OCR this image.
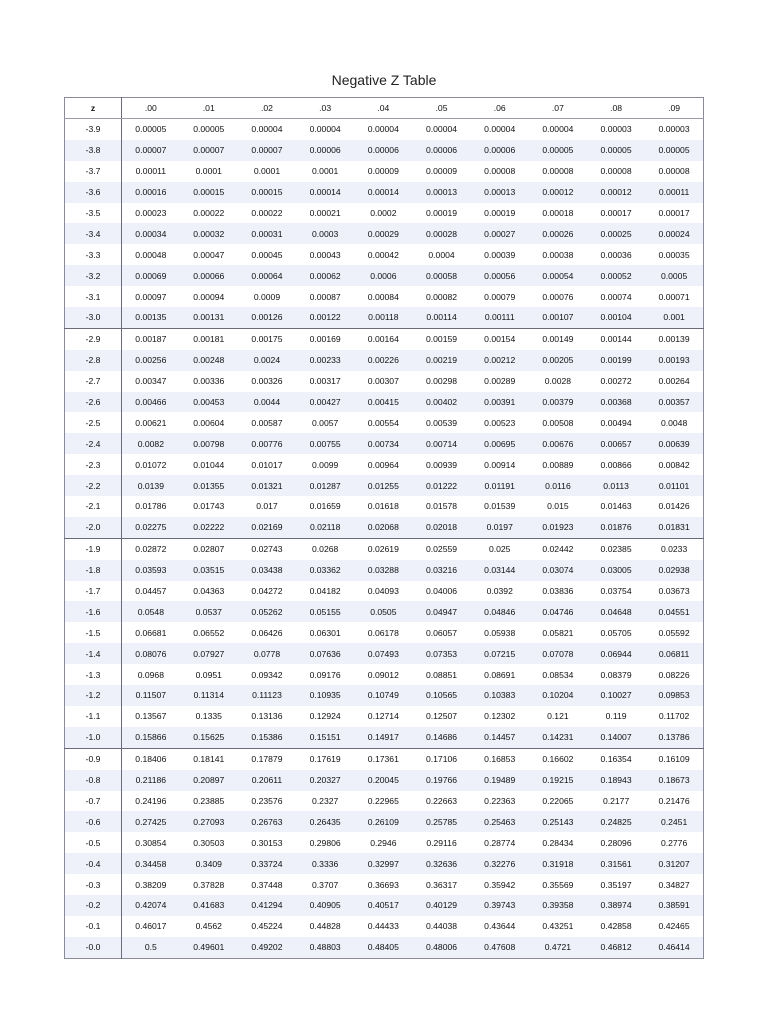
Negative Z Table
z	.00	.01	.02	.03	.04	.05	.06	.07	.08	.09
-3.9	0.00005	0.00005	0.00004	0.00004	0.00004	0.00004	0.00004	0.00004	0.00003	0.00003
-3.8	0.00007	0.00007	0.00007	0.00006	0.00006	0.00006	0.00006	0.00005	0.00005	0.00005
-3.7	0.00011	0.0001	0.0001	0.0001	0.00009	0.00009	0.00008	0.00008	0.00008	0.00008
-3.6	0.00016	0.00015	0.00015	0.00014	0.00014	0.00013	0.00013	0.00012	0.00012	0.00011
-3.5	0.00023	0.00022	0.00022	0.00021	0.0002	0.00019	0.00019	0.00018	0.00017	0.00017
-3.4	0.00034	0.00032	0.00031	0.0003	0.00029	0.00028	0.00027	0.00026	0.00025	0.00024
-3.3	0.00048	0.00047	0.00045	0.00043	0.00042	0.0004	0.00039	0.00038	0.00036	0.00035
-3.2	0.00069	0.00066	0.00064	0.00062	0.0006	0.00058	0.00056	0.00054	0.00052	0.0005
-3.1	0.00097	0.00094	0.0009	0.00087	0.00084	0.00082	0.00079	0.00076	0.00074	0.00071
-3.0	0.00135	0.00131	0.00126	0.00122	0.00118	0.00114	0.00111	0.00107	0.00104	0.001
-2.9	0.00187	0.00181	0.00175	0.00169	0.00164	0.00159	0.00154	0.00149	0.00144	0.00139
-2.8	0.00256	0.00248	0.0024	0.00233	0.00226	0.00219	0.00212	0.00205	0.00199	0.00193
-2.7	0.00347	0.00336	0.00326	0.00317	0.00307	0.00298	0.00289	0.0028	0.00272	0.00264
-2.6	0.00466	0.00453	0.0044	0.00427	0.00415	0.00402	0.00391	0.00379	0.00368	0.00357
-2.5	0.00621	0.00604	0.00587	0.0057	0.00554	0.00539	0.00523	0.00508	0.00494	0.0048
-2.4	0.0082	0.00798	0.00776	0.00755	0.00734	0.00714	0.00695	0.00676	0.00657	0.00639
-2.3	0.01072	0.01044	0.01017	0.0099	0.00964	0.00939	0.00914	0.00889	0.00866	0.00842
-2.2	0.0139	0.01355	0.01321	0.01287	0.01255	0.01222	0.01191	0.0116	0.0113	0.01101
-2.1	0.01786	0.01743	0.017	0.01659	0.01618	0.01578	0.01539	0.015	0.01463	0.01426
-2.0	0.02275	0.02222	0.02169	0.02118	0.02068	0.02018	0.0197	0.01923	0.01876	0.01831
-1.9	0.02872	0.02807	0.02743	0.0268	0.02619	0.02559	0.025	0.02442	0.02385	0.0233
-1.8	0.03593	0.03515	0.03438	0.03362	0.03288	0.03216	0.03144	0.03074	0.03005	0.02938
-1.7	0.04457	0.04363	0.04272	0.04182	0.04093	0.04006	0.0392	0.03836	0.03754	0.03673
-1.6	0.0548	0.0537	0.05262	0.05155	0.0505	0.04947	0.04846	0.04746	0.04648	0.04551
-1.5	0.06681	0.06552	0.06426	0.06301	0.06178	0.06057	0.05938	0.05821	0.05705	0.05592
-1.4	0.08076	0.07927	0.0778	0.07636	0.07493	0.07353	0.07215	0.07078	0.06944	0.06811
-1.3	0.0968	0.0951	0.09342	0.09176	0.09012	0.08851	0.08691	0.08534	0.08379	0.08226
-1.2	0.11507	0.11314	0.11123	0.10935	0.10749	0.10565	0.10383	0.10204	0.10027	0.09853
-1.1	0.13567	0.1335	0.13136	0.12924	0.12714	0.12507	0.12302	0.121	0.119	0.11702
-1.0	0.15866	0.15625	0.15386	0.15151	0.14917	0.14686	0.14457	0.14231	0.14007	0.13786
-0.9	0.18406	0.18141	0.17879	0.17619	0.17361	0.17106	0.16853	0.16602	0.16354	0.16109
-0.8	0.21186	0.20897	0.20611	0.20327	0.20045	0.19766	0.19489	0.19215	0.18943	0.18673
-0.7	0.24196	0.23885	0.23576	0.2327	0.22965	0.22663	0.22363	0.22065	0.2177	0.21476
-0.6	0.27425	0.27093	0.26763	0.26435	0.26109	0.25785	0.25463	0.25143	0.24825	0.2451
-0.5	0.30854	0.30503	0.30153	0.29806	0.2946	0.29116	0.28774	0.28434	0.28096	0.2776
-0.4	0.34458	0.3409	0.33724	0.3336	0.32997	0.32636	0.32276	0.31918	0.31561	0.31207
-0.3	0.38209	0.37828	0.37448	0.3707	0.36693	0.36317	0.35942	0.35569	0.35197	0.34827
-0.2	0.42074	0.41683	0.41294	0.40905	0.40517	0.40129	0.39743	0.39358	0.38974	0.38591
-0.1	0.46017	0.4562	0.45224	0.44828	0.44433	0.44038	0.43644	0.43251	0.42858	0.42465
-0.0	0.5	0.49601	0.49202	0.48803	0.48405	0.48006	0.47608	0.4721	0.46812	0.46414
